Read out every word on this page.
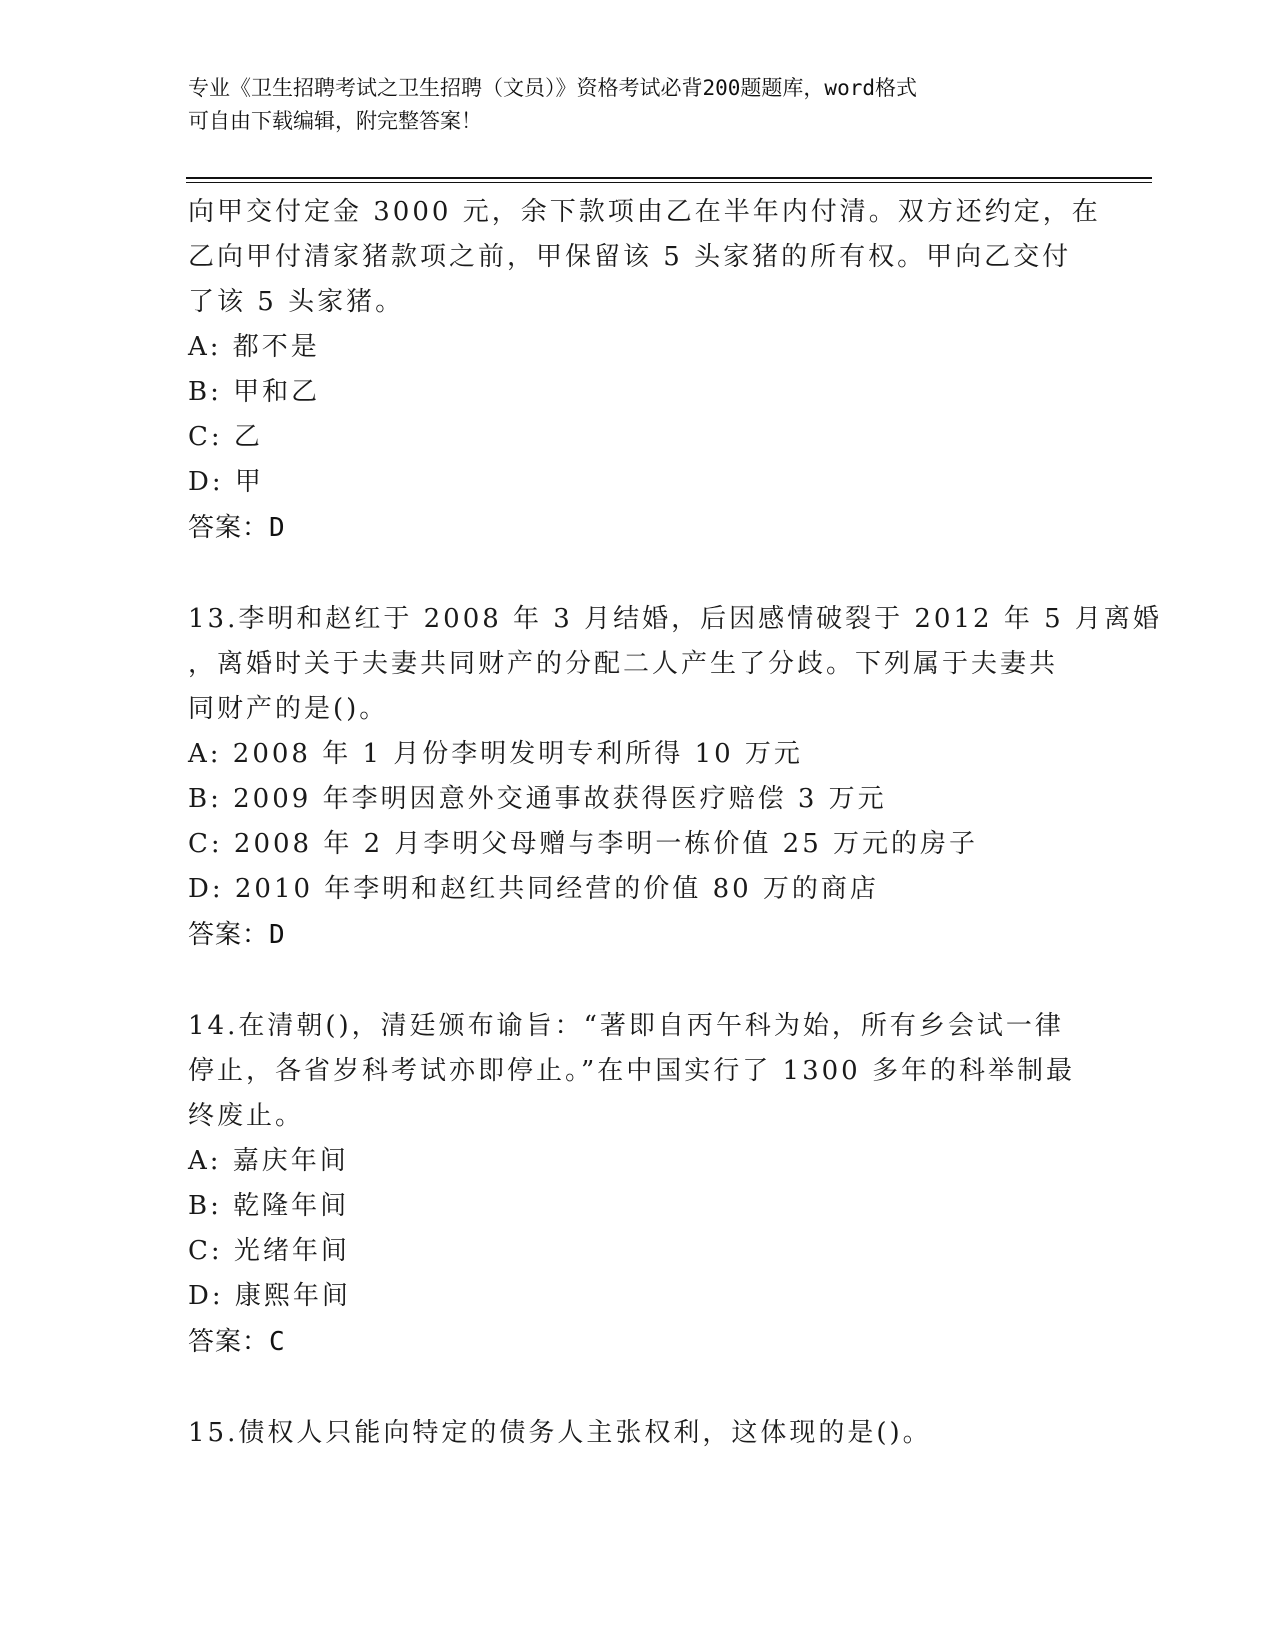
专业《卫生招聘考试之卫生招聘（文员）》资格考试必背200题题库，word格式
可自由下载编辑，附完整答案！
向甲交付定金 3000 元，余下款项由乙在半年内付清。双方还约定，在
乙向甲付清家猪款项之前，甲保留该 5 头家猪的所有权。甲向乙交付
了该 5 头家猪。
A: 都不是
B: 甲和乙
C: 乙
D: 甲
答案：D
13.李明和赵红于 2008 年 3 月结婚，后因感情破裂于 2012 年 5 月离婚
，离婚时关于夫妻共同财产的分配二人产生了分歧。下列属于夫妻共
同财产的是()。
A: 2008 年 1 月份李明发明专利所得 10 万元
B: 2009 年李明因意外交通事故获得医疗赔偿 3 万元
C: 2008 年 2 月李明父母赠与李明一栋价值 25 万元的房子
D: 2010 年李明和赵红共同经营的价值 80 万的商店
答案：D
14.在清朝()，清廷颁布谕旨：“著即自丙午科为始，所有乡会试一律
停止，各省岁科考试亦即停止。”在中国实行了 1300 多年的科举制最
终废止。
A: 嘉庆年间
B: 乾隆年间
C: 光绪年间
D: 康熙年间
答案：C
15.债权人只能向特定的债务人主张权利，这体现的是()。
